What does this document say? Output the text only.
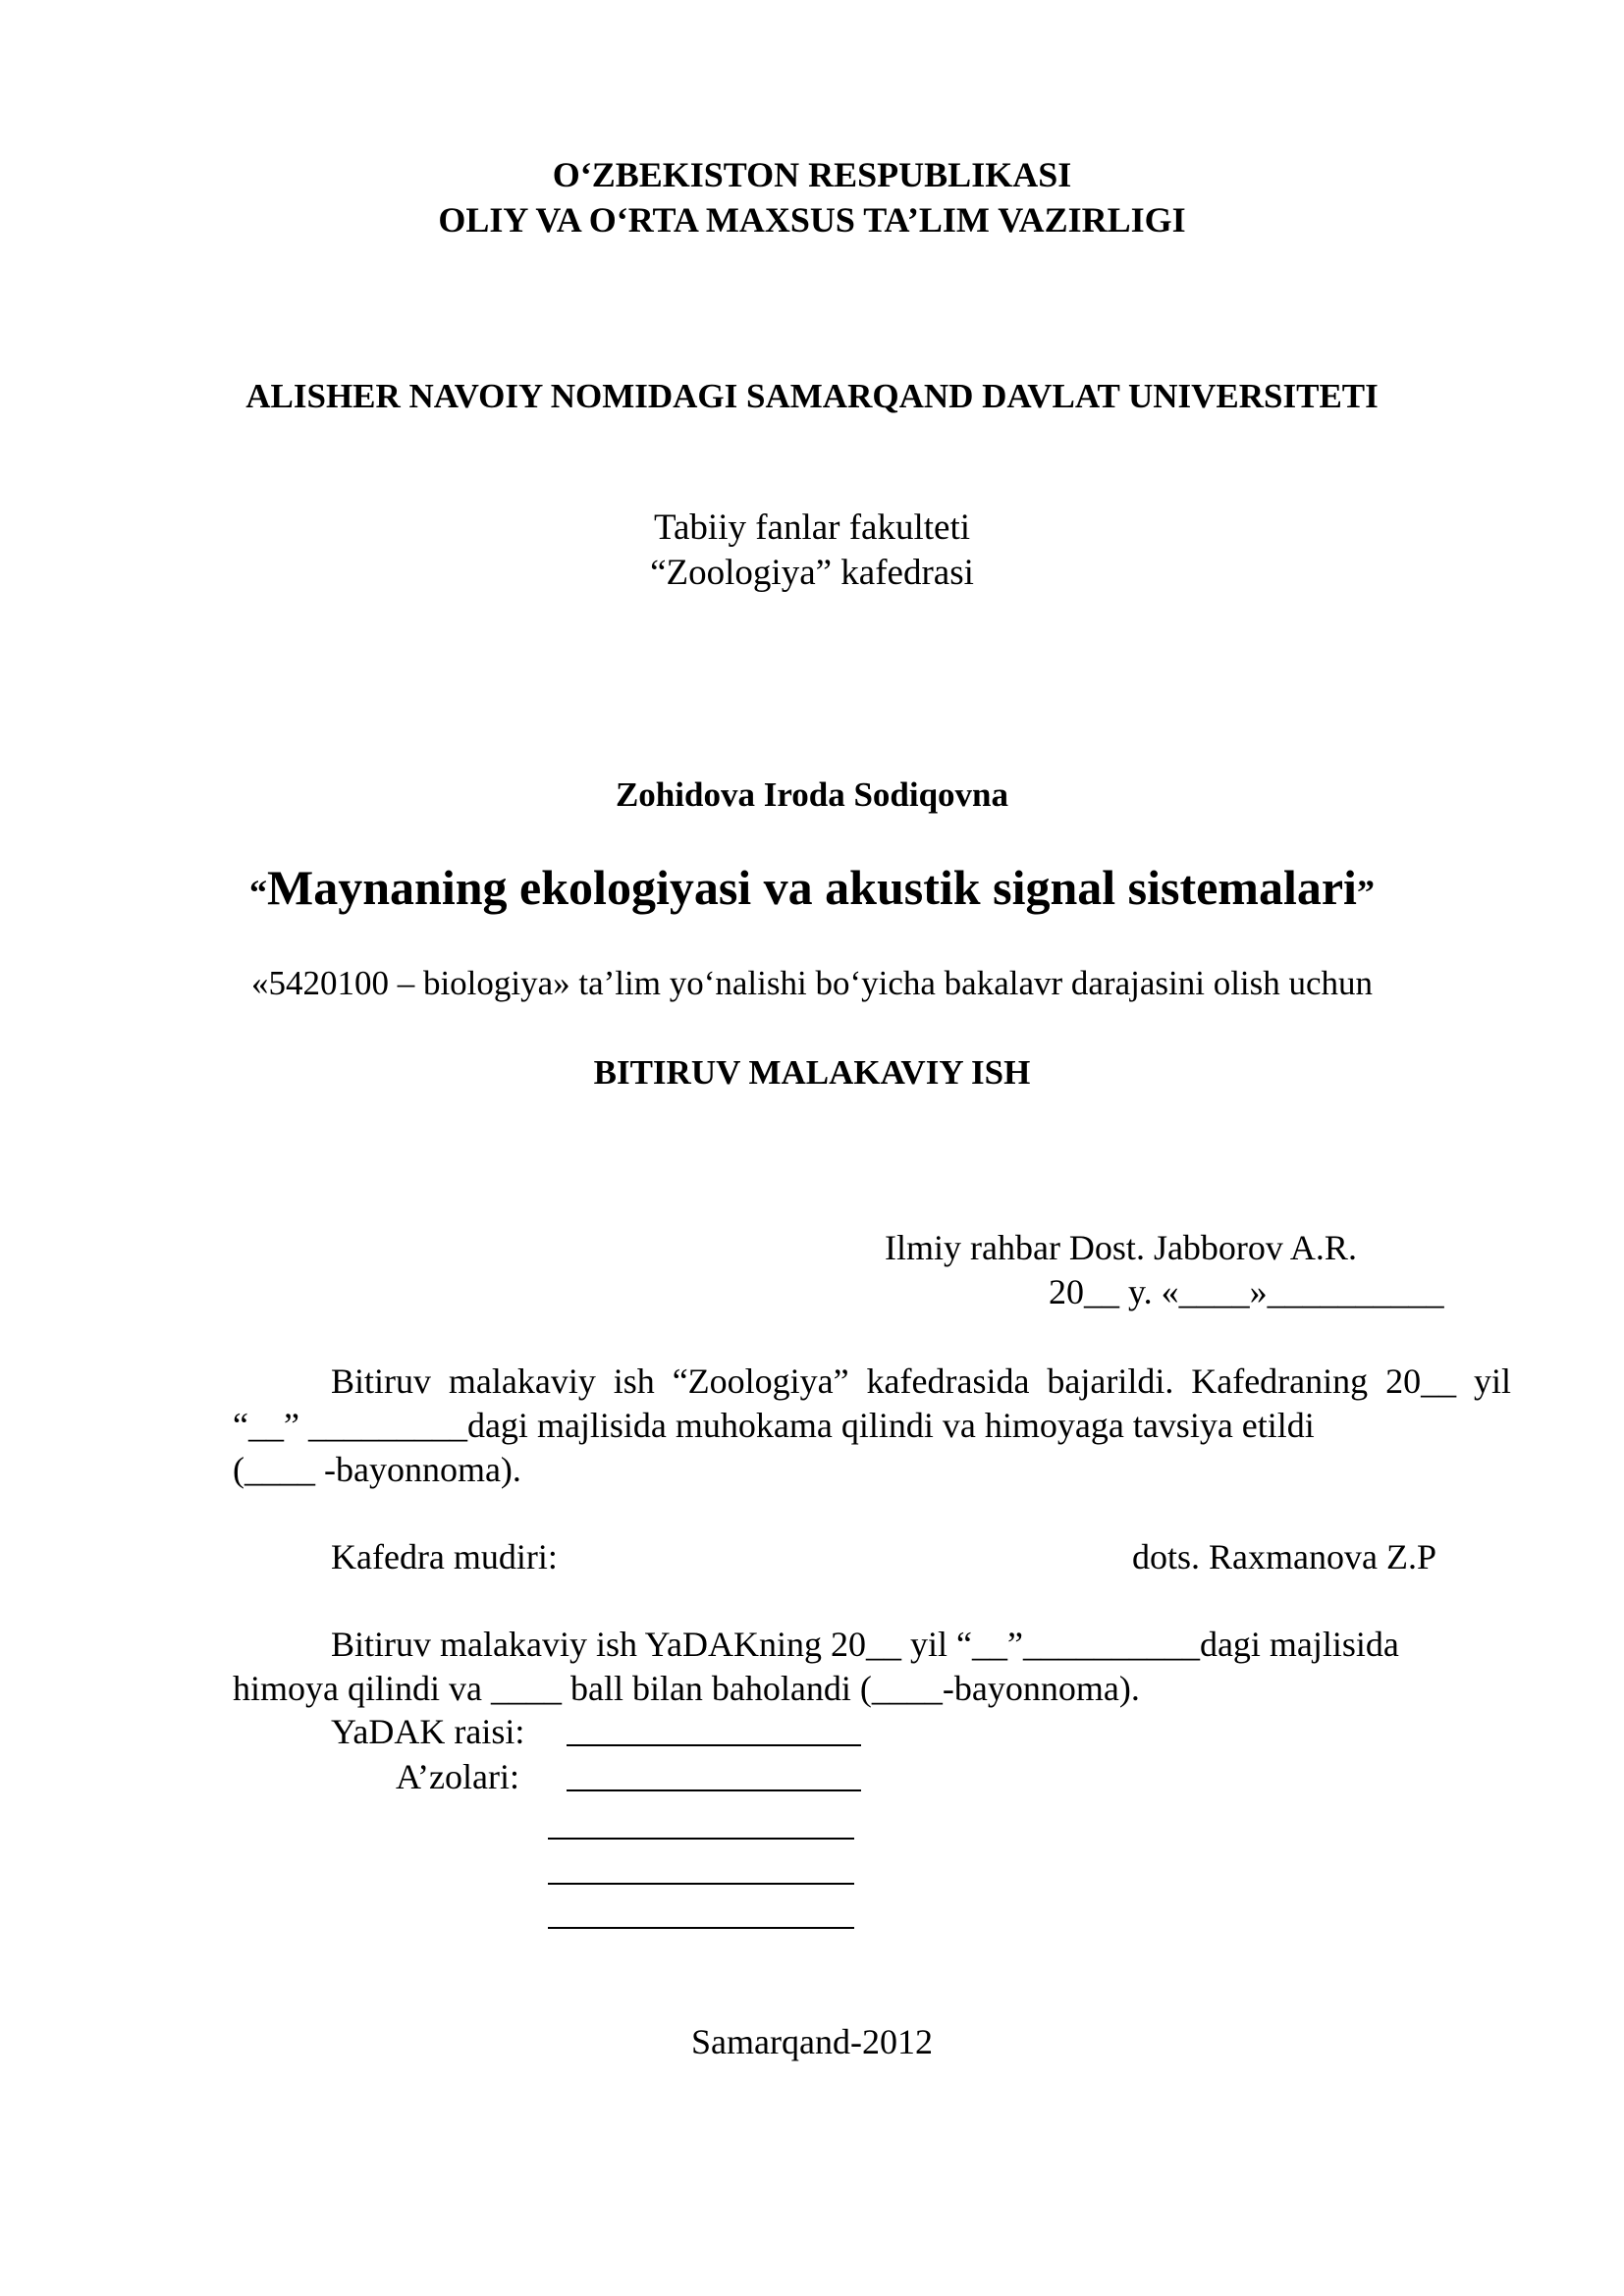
O‘ZBEKISTON RESPUBLIKASI
OLIY VA O‘RTA MAXSUS TA’LIM VAZIRLIGI
ALISHER NAVOIY NOMIDAGI SAMARQAND DAVLAT UNIVERSITETI
Tabiiy fanlar fakulteti
“Zoologiya” kafedrasi
Zohidova Iroda Sodiqovna
“Maynaning ekologiyasi va akustik signal sistemalari”
«5420100 – biologiya» ta’lim yo‘nalishi bo‘yicha bakalavr darajasini olish uchun
BITIRUV MALAKAVIY ISH
Ilmiy rahbar Dost. Jabborov A.R.
20__ y. «____»__________
Bitiruv malakaviy ish “Zoologiya” kafedrasida bajarildi. Kafedraning 20__ yil “__” _________dagi majlisida muhokama qilindi va himoyaga tavsiya etildi
(____ -bayonnoma).
Kafedra mudiri:	dots. Raxmanova Z.P
Bitiruv malakaviy ish YaDAKning 20__ yil “__”__________dagi majlisida himoya qilindi va ____ ball bilan baholandi (____-bayonnoma).
YaDAK raisi:
A’zolari:
Samarqand-2012
